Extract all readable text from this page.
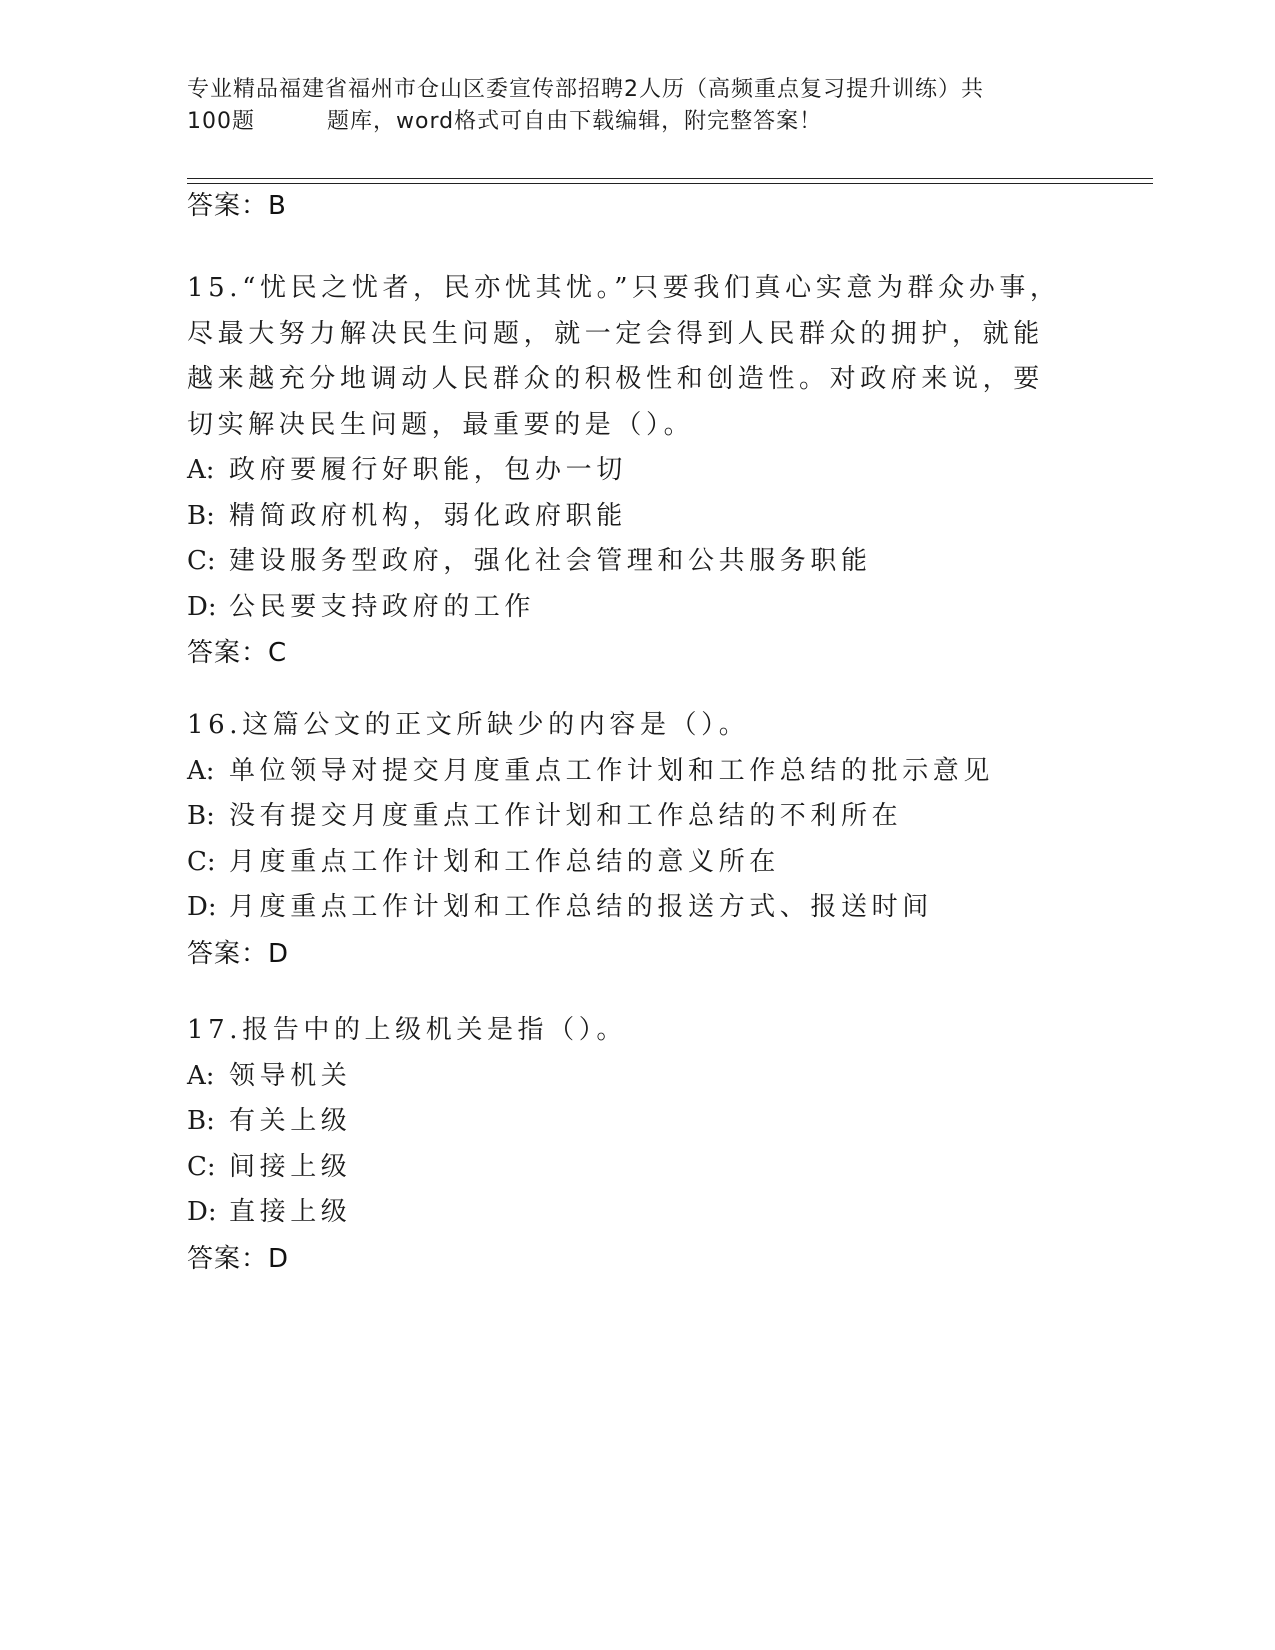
专业精品福建省福州市仓山区委宣传部招聘2人历（高频重点复习提升训练）共
100题	题库，word格式可自由下载编辑，附完整答案！
答案：B
15.“忧民之忧者，民亦忧其忧。”只要我们真心实意为群众办事，尽最大努力解决民生问题，就一定会得到人民群众的拥护，就能越来越充分地调动人民群众的积极性和创造性。对政府来说，要切实解决民生问题，最重要的是（）。
A: 政府要履行好职能，包办一切
B: 精简政府机构，弱化政府职能
C: 建设服务型政府，强化社会管理和公共服务职能
D: 公民要支持政府的工作
答案：C
16.这篇公文的正文所缺少的内容是（）。
A: 单位领导对提交月度重点工作计划和工作总结的批示意见
B: 没有提交月度重点工作计划和工作总结的不利所在
C: 月度重点工作计划和工作总结的意义所在
D: 月度重点工作计划和工作总结的报送方式、报送时间
答案：D
17.报告中的上级机关是指（）。
A: 领导机关
B: 有关上级
C: 间接上级
D: 直接上级
答案：D
